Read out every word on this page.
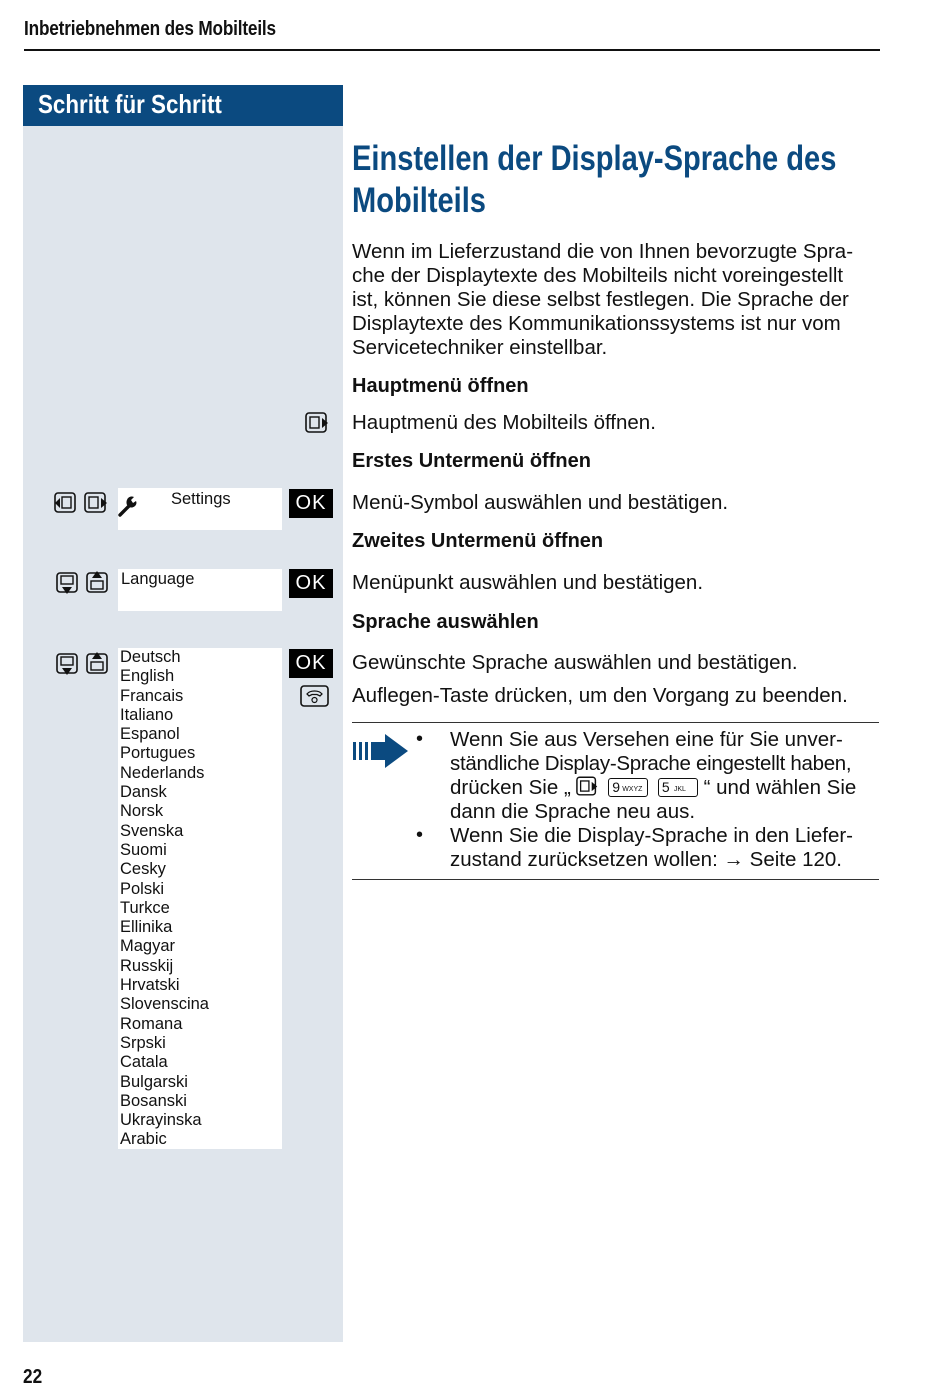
Inbetriebnehmen des Mobilteils
Schritt für Schritt
Einstellen der Display-Sprache des Mobilteils
Wenn im Lieferzustand die von Ihnen bevorzugte Spra-
che der Displaytexte des Mobilteils nicht voreingestellt
ist, können Sie diese selbst festlegen. Die Sprache der
Displaytexte des Kommunikationssystems ist nur vom
Servicetechniker einstellbar.
Hauptmenü öffnen
Hauptmenü des Mobilteils öffnen.
Erstes Untermenü öffnen
Settings	OK	Menü-Symbol auswählen und bestätigen.
Zweites Untermenü öffnen
Language	OK	Menüpunkt auswählen und bestätigen.
Sprache auswählen
Deutsch
English
Francais
Italiano
Espanol
Portugues
Nederlands
Dansk
Norsk
Svenska
Suomi
Cesky
Polski
Turkce
Ellinika
Magyar
Russkij
Hrvatski
Slovenscina
Romana
Srpski
Catala
Bulgarski
Bosanski
Ukrayinska
Arabic
OK	Gewünschte Sprache auswählen und bestätigen.
Auflegen-Taste drücken, um den Vorgang zu beenden.
• Wenn Sie aus Versehen eine für Sie unver-
ständliche Display-Sprache eingestellt haben,
drücken Sie „	9 WXYZ
5 JKL “ und wählen Sie
dann die Sprache neu aus.
• Wenn Sie die Display-Sprache in den Liefer-
zustand zurücksetzen wollen: → Seite 120.
22
